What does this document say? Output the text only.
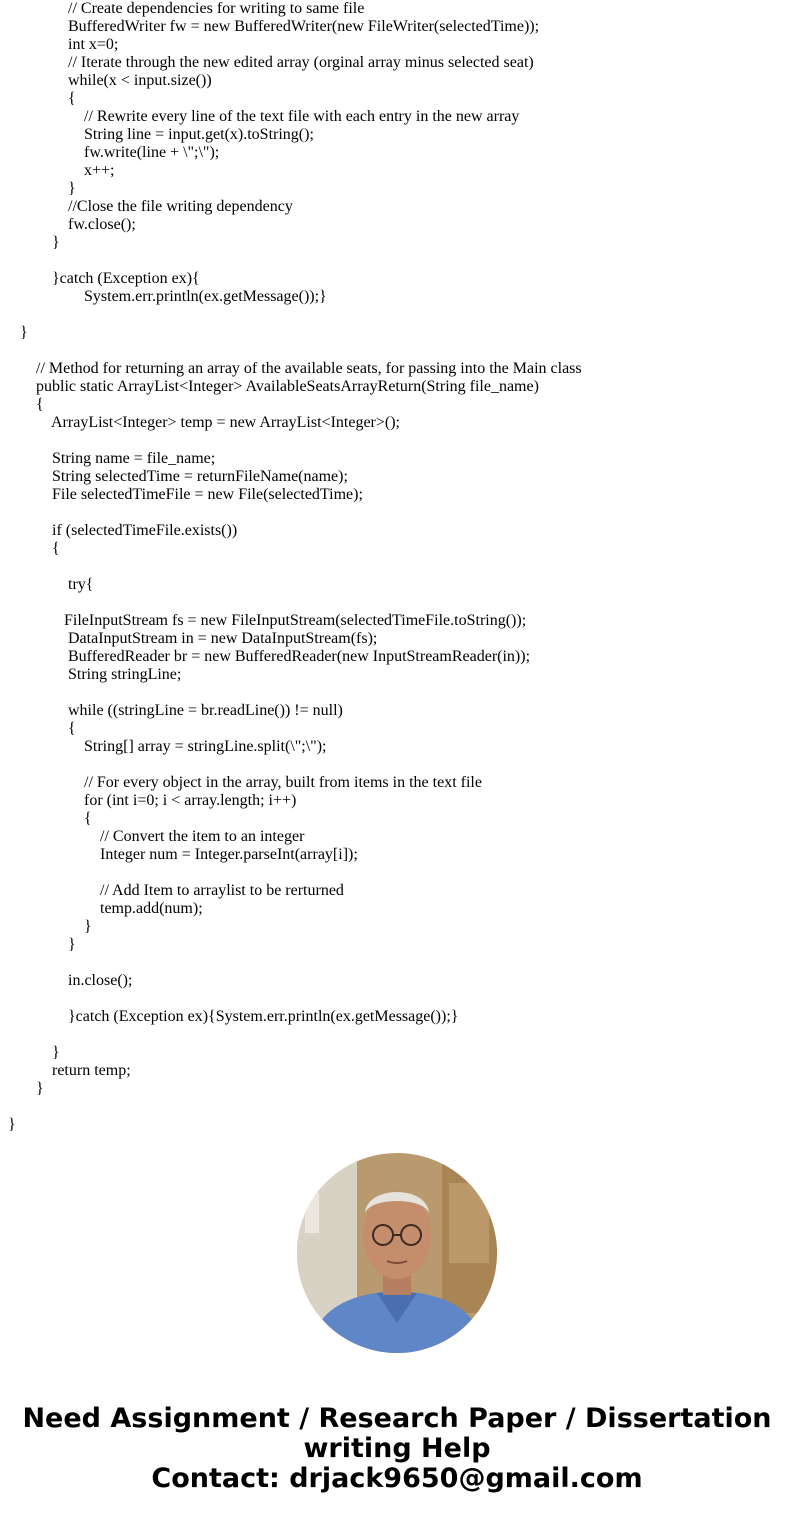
// Create dependencies for writing to same file
BufferedWriter fw = new BufferedWriter(new FileWriter(selectedTime));
int x=0;
// Iterate through the new edited array (orginal array minus selected seat)
while(x < input.size())
{
// Rewrite every line of the text file with each entry in the new array
String line = input.get(x).toString();
fw.write(line + \";\");
x++;
}
//Close the file writing dependency
fw.close();
}
}catch (Exception ex){
System.err.println(ex.getMessage());}
}
// Method for returning an array of the available seats, for passing into the Main class
public static ArrayList<Integer> AvailableSeatsArrayReturn(String file_name)
{
ArrayList<Integer> temp = new ArrayList<Integer>();
String name = file_name;
String selectedTime = returnFileName(name);
File selectedTimeFile = new File(selectedTime);
if (selectedTimeFile.exists())
{
try{
FileInputStream fs = new FileInputStream(selectedTimeFile.toString());
DataInputStream in = new DataInputStream(fs);
BufferedReader br = new BufferedReader(new InputStreamReader(in));
String stringLine;
while ((stringLine = br.readLine()) != null)
{
String[] array = stringLine.split(\";\");
// For every object in the array, built from items in the text file
for (int i=0; i < array.length; i++)
{
// Convert the item to an integer
Integer num = Integer.parseInt(array[i]);
// Add Item to arraylist to be rerturned
temp.add(num);
}
}
in.close();
}catch (Exception ex){System.err.println(ex.getMessage());}
}
return temp;
}
}
Need Assignment / Research Paper / Dissertation
writing Help
Contact: drjack9650@gmail.com
